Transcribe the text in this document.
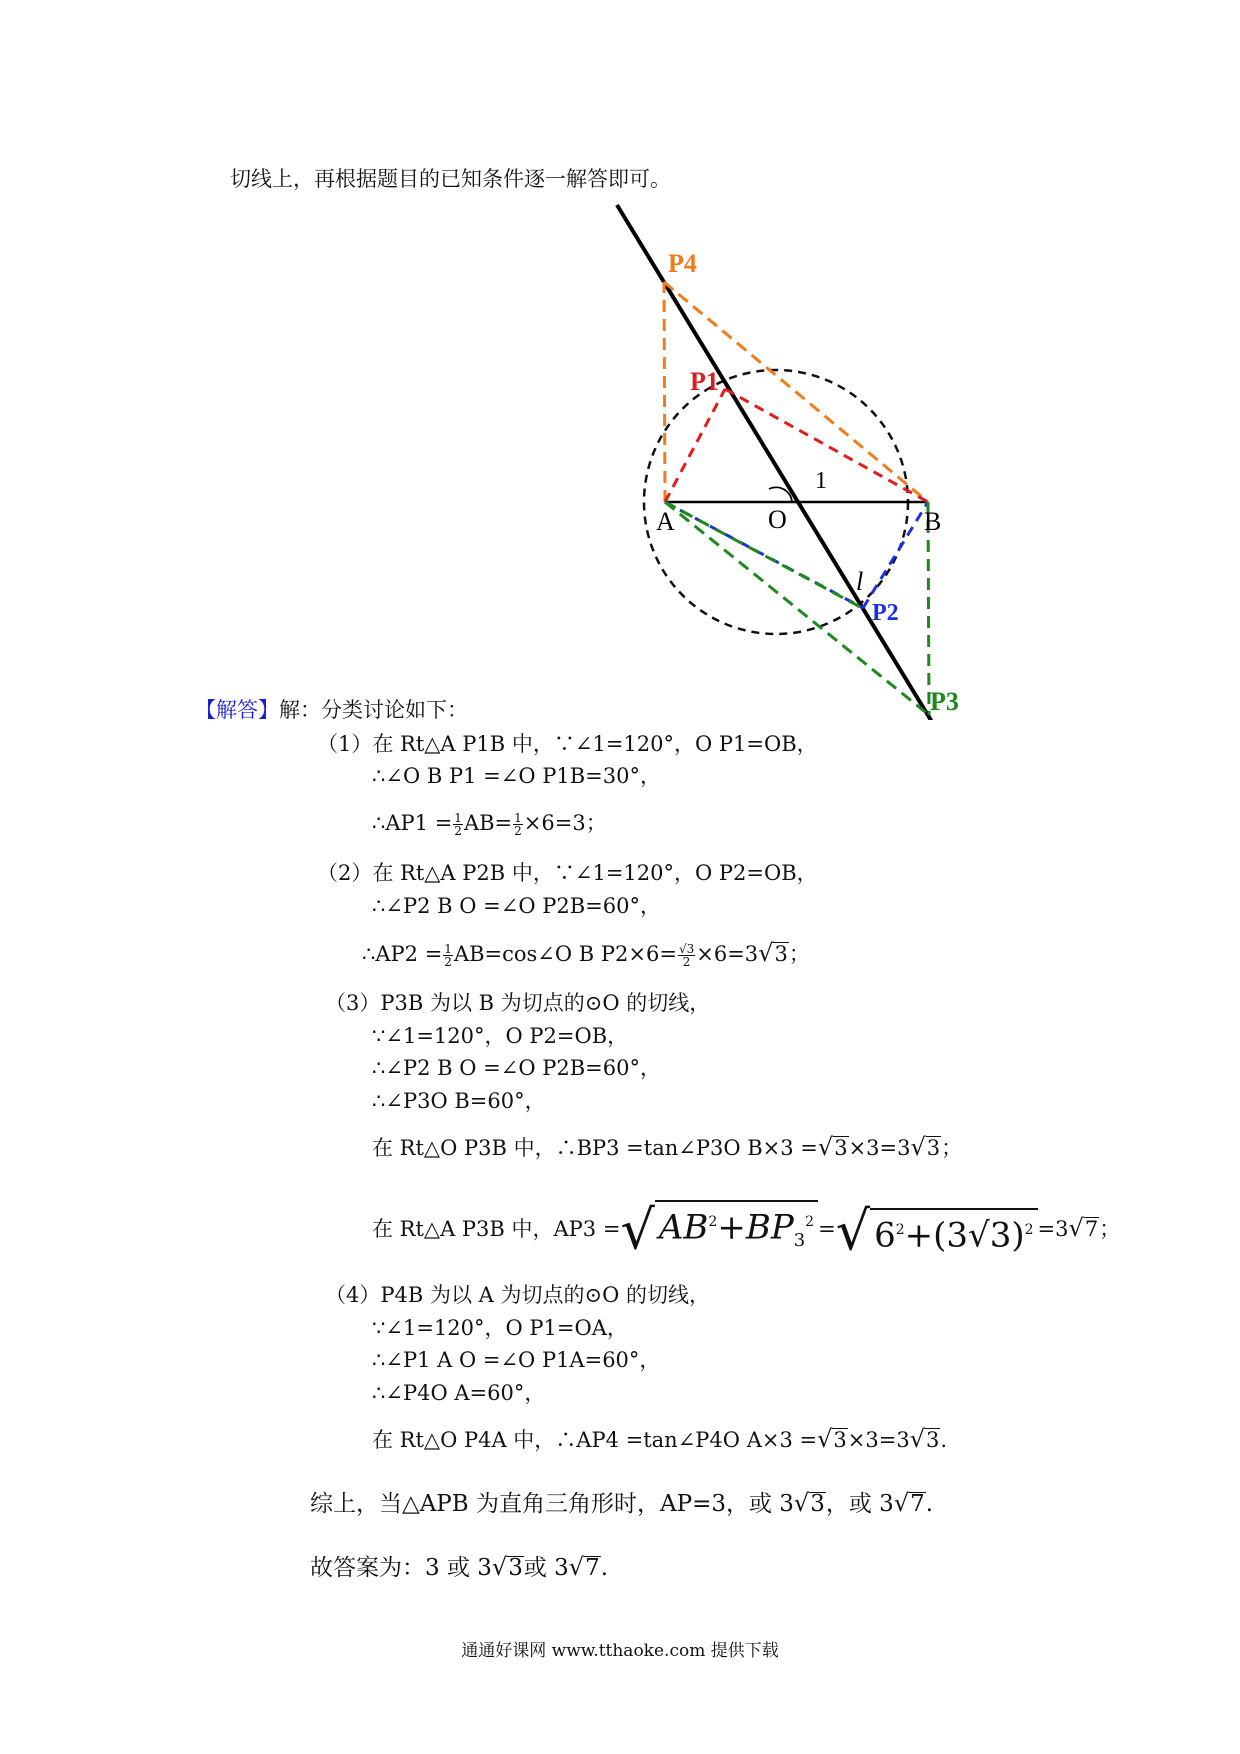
切线上，再根据题目的已知条件逐一解答即可。
P4
P1
P2
P3
A	O	B
1
l
【解答】解：分类讨论如下：
（1）在 Rt△A P1B 中，∵∠1=120°，O P1=OB，
∴∠O B P1 =∠O P1B=30°，
∴AP1 = $\frac{1}{2} AB= \frac{1}{2} \times 6=3$；
（2）在 Rt△A P2B 中，∵∠1=120°，O P2=OB，
∴∠P2 B O =∠O P2B=60°，
∴AP2 = $\frac{1}{2}$ AB=cos∠O B $P2\times 6= \frac{√3}{2} \times 6=3√3$；
（3）P3B 为以 B 为切点的⊙O 的切线，
∵∠1=120°，O P2=OB，
∴∠P2 B O =∠O P2B=60°，
∴∠P3O B=60°，
在 Rt△O P3B 中，∴BP3 =tan∠P3O B×3 =√3×3=3√3；
在 Rt△A P3B 中，AP3 =√ $AB^2+BP_3^2$ =√ $6^2+(3√3)^2 =3√7$；
（4）P4B 为以 A 为切点的⊙O 的切线，
∵∠1=120°，O P1=OA，
∴∠P1 A O =∠O P1A=60°，
∴∠P4O A=60°，
在 Rt△O P4A 中，∴AP4 =tan∠P4O A×3 =√3×3=3√3.
综上，当△APB 为直角三角形时，AP=3，或 3√3，或 3√7.
故答案为：3 或 3√3或 3√7.
通通好课网 www.tthaoke.com 提供下载
